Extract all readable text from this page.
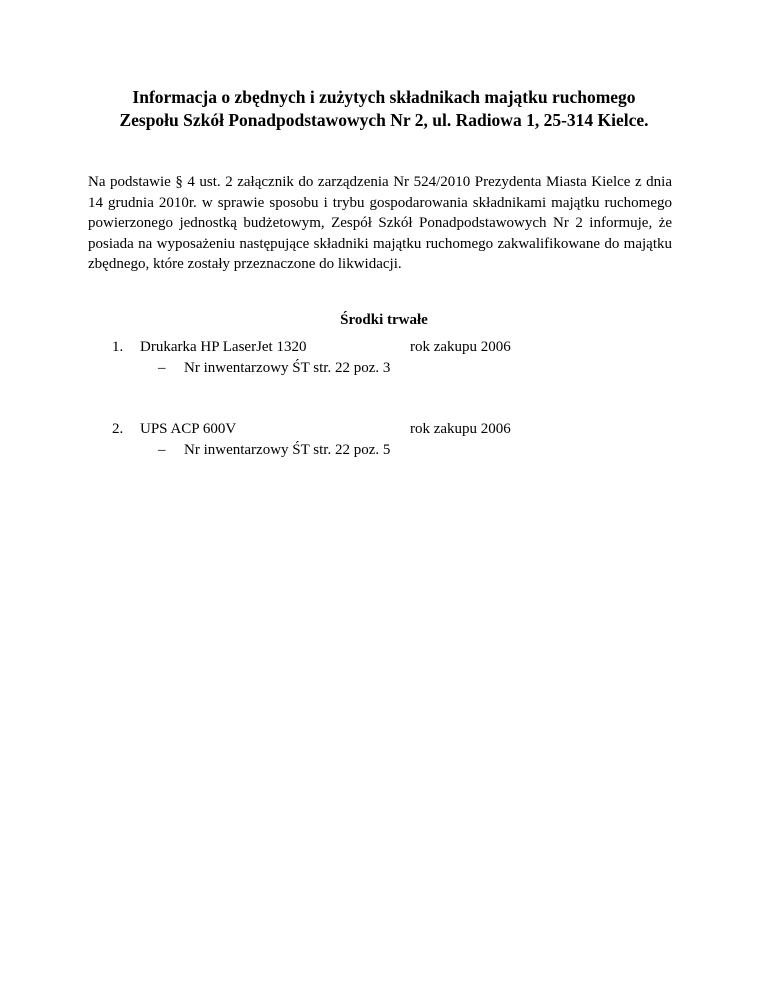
Informacja o zbędnych i zużytych składnikach majątku ruchomego
Zespołu Szkół Ponadpodstawowych Nr 2, ul. Radiowa 1, 25-314 Kielce.

Na podstawie § 4 ust. 2 załącznik do zarządzenia Nr 524/2010 Prezydenta Miasta Kielce z dnia 14 grudnia 2010r. w sprawie sposobu i trybu gospodarowania składnikami majątku ruchomego powierzonego jednostką budżetowym, Zespół Szkół Ponadpodstawowych Nr 2 informuje, że posiada na wyposażeniu następujące składniki majątku ruchomego zakwalifikowane do majątku zbędnego, które zostały przeznaczone do likwidacji.

Środki trwałe
1. Drukarka HP LaserJet 1320	rok zakupu 2006
– Nr inwentarzowy ŚT str. 22 poz. 3
2. UPS ACP 600V	rok zakupu 2006
– Nr inwentarzowy ŚT str. 22 poz. 5
